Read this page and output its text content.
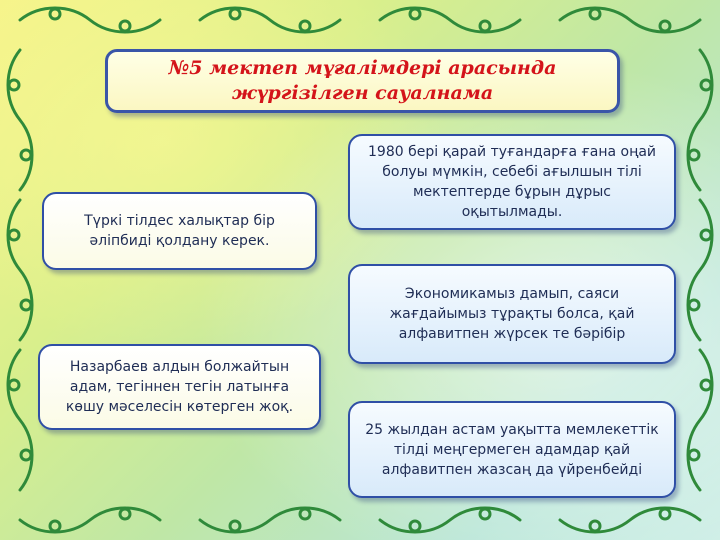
№5 мектеп мұғалімдері арасында жүргізілген сауалнама
1980 бері қарай туғандарға ғана оңай болуы мүмкін, себебі ағылшын тілі мектептерде бұрын дұрыс оқытылмады.
Түркі тілдес халықтар бір әліпбиді қолдану керек.
Экономикамыз дамып, саяси жағдайымыз тұрақты болса, қай алфавитпен жүрсек те бәрібір
Назарбаев алдын болжайтын адам, тегіннен тегін латынға көшу мәселесін көтерген жоқ.
25 жылдан астам уақытта мемлекеттік тілді меңгермеген адамдар қай алфавитпен жазсаң да үйренбейді
